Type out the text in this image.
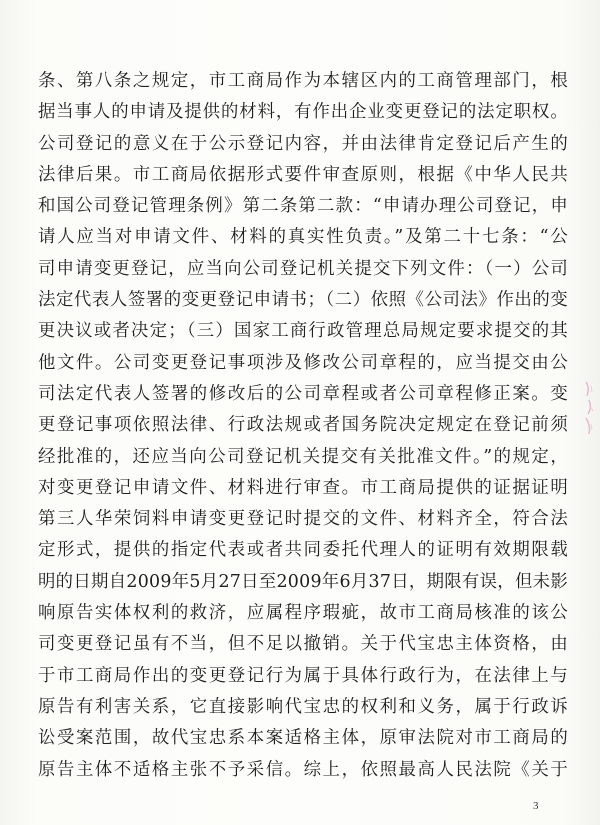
条、第八条之规定，市工商局作为本辖区内的工商管理部门，根
据当事人的申请及提供的材料，有作出企业变更登记的法定职权。
公司登记的意义在于公示登记内容，并由法律肯定登记后产生的
法律后果。市工商局依据形式要件审查原则，根据《中华人民共
和国公司登记管理条例》第二条第二款：“申请办理公司登记，申
请人应当对申请文件、材料的真实性负责。”及第二十七条：“公
司申请变更登记，应当向公司登记机关提交下列文件：（一）公司
法定代表人签署的变更登记申请书；（二）依照《公司法》作出的变
更决议或者决定；（三）国家工商行政管理总局规定要求提交的其
他文件。公司变更登记事项涉及修改公司章程的，应当提交由公
司法定代表人签署的修改后的公司章程或者公司章程修正案。变
更登记事项依照法律、行政法规或者国务院决定规定在登记前须
经批准的，还应当向公司登记机关提交有关批准文件。”的规定，
对变更登记申请文件、材料进行审查。市工商局提供的证据证明
第三人华荣饲料申请变更登记时提交的文件、材料齐全，符合法
定形式，提供的指定代表或者共同委托代理人的证明有效期限载
明的日期自2009年5月27日至2009年6月37日，期限有误，但未影
响原告实体权利的救济，应属程序瑕疵，故市工商局核准的该公
司变更登记虽有不当，但不足以撤销。关于代宝忠主体资格，由
于市工商局作出的变更登记行为属于具体行政行为，在法律上与
原告有利害关系，它直接影响代宝忠的权利和义务，属于行政诉
讼受案范围，故代宝忠系本案适格主体，原审法院对市工商局的
原告主体不适格主张不予采信。综上，依照最高人民法院《关于
3
